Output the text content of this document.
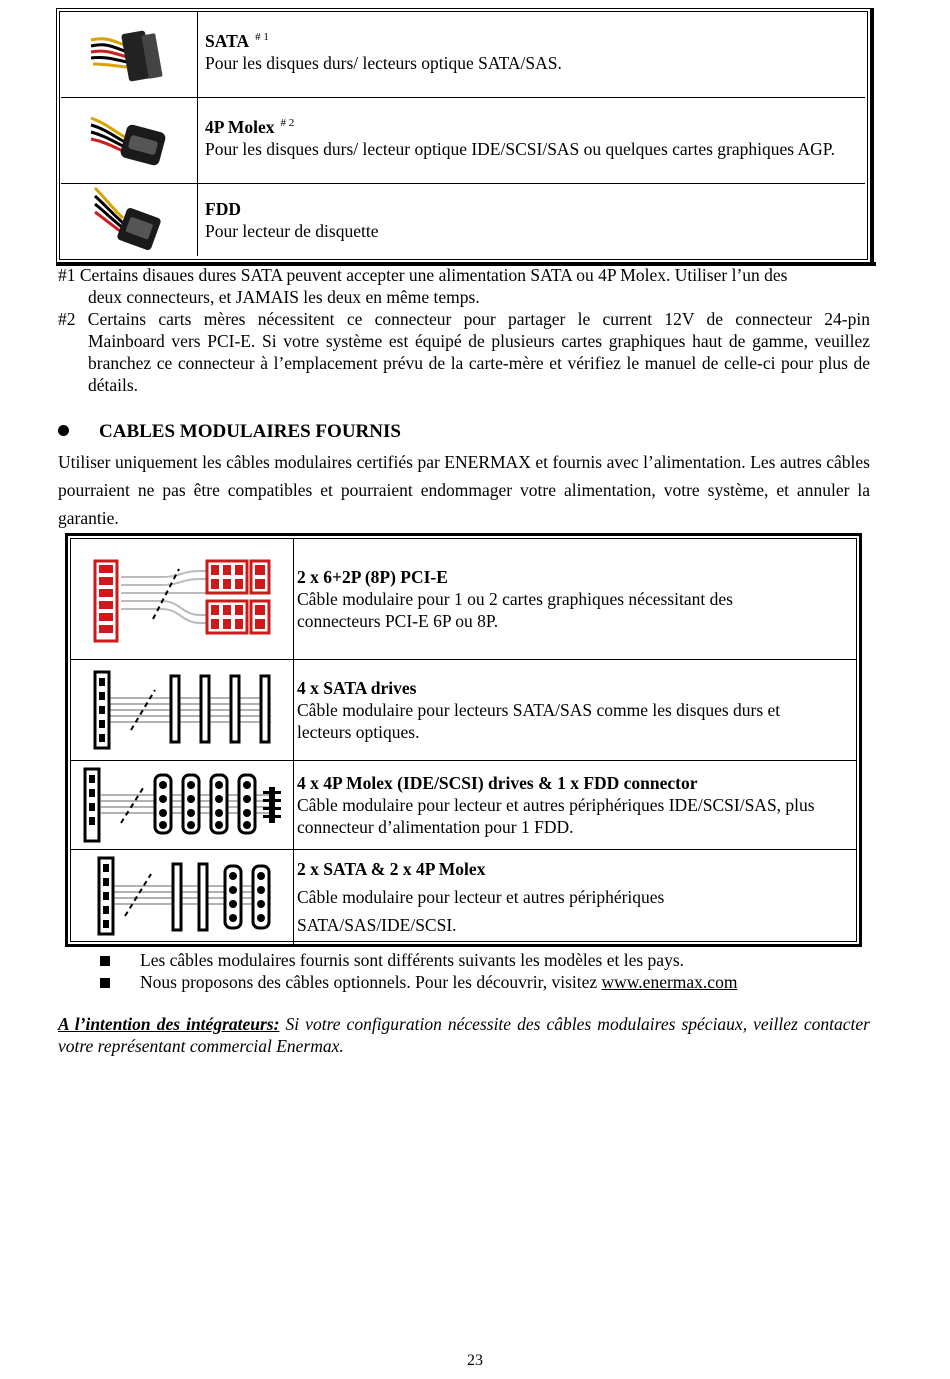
SATA $^{\# 1}$
Pour les disques durs/ lecteurs optique SATA/SAS.
4P Molex $^{\# 2}$
Pour les disques durs/ lecteur optique IDE/SCSI/SAS ou quelques cartes graphiques AGP.
FDD
Pour lecteur de disquette
#1 Certains disaues dures SATA peuvent accepter une alimentation SATA ou 4P Molex. Utiliser l’un des
deux connecteurs, et JAMAIS les deux en même temps.
#2 Certains carts mères nécessitent ce connecteur pour partager le current 12V de connecteur 24-pin
Mainboard vers PCI-E. Si votre système est équipé de plusieurs cartes graphiques haut de gamme, veuillez branchez ce connecteur à l’emplacement prévu de la carte-mère et vérifiez le manuel de celle-ci pour plus de détails.
CABLES MODULAIRES FOURNIS
Utiliser uniquement les câbles modulaires certifiés par ENERMAX et fournis avec l’alimentation. Les autres câbles pourraient ne pas être compatibles et pourraient endommager votre alimentation, votre système, et annuler la garantie.
2 x 6+2P (8P) PCI-E
Câble modulaire pour 1 ou 2 cartes graphiques nécessitant des connecteurs PCI-E 6P ou 8P.
4 x SATA drives
Câble modulaire pour lecteurs SATA/SAS comme les disques durs et lecteurs optiques.
4 x 4P Molex (IDE/SCSI) drives & 1 x FDD connector
Câble modulaire pour lecteur et autres périphériques IDE/SCSI/SAS, plus connecteur d’alimentation pour 1 FDD.
2 x SATA & 2 x 4P Molex
Câble modulaire pour lecteur et autres périphériques
SATA/SAS/IDE/SCSI.
Les câbles modulaires fournis sont différents suivants les modèles et les pays.
Nous proposons des câbles optionnels. Pour les découvrir, visitez www.enermax.com
A l’intention des intégrateurs: Si votre configuration nécessite des câbles modulaires spéciaux, veillez contacter votre représentant commercial Enermax.
23
